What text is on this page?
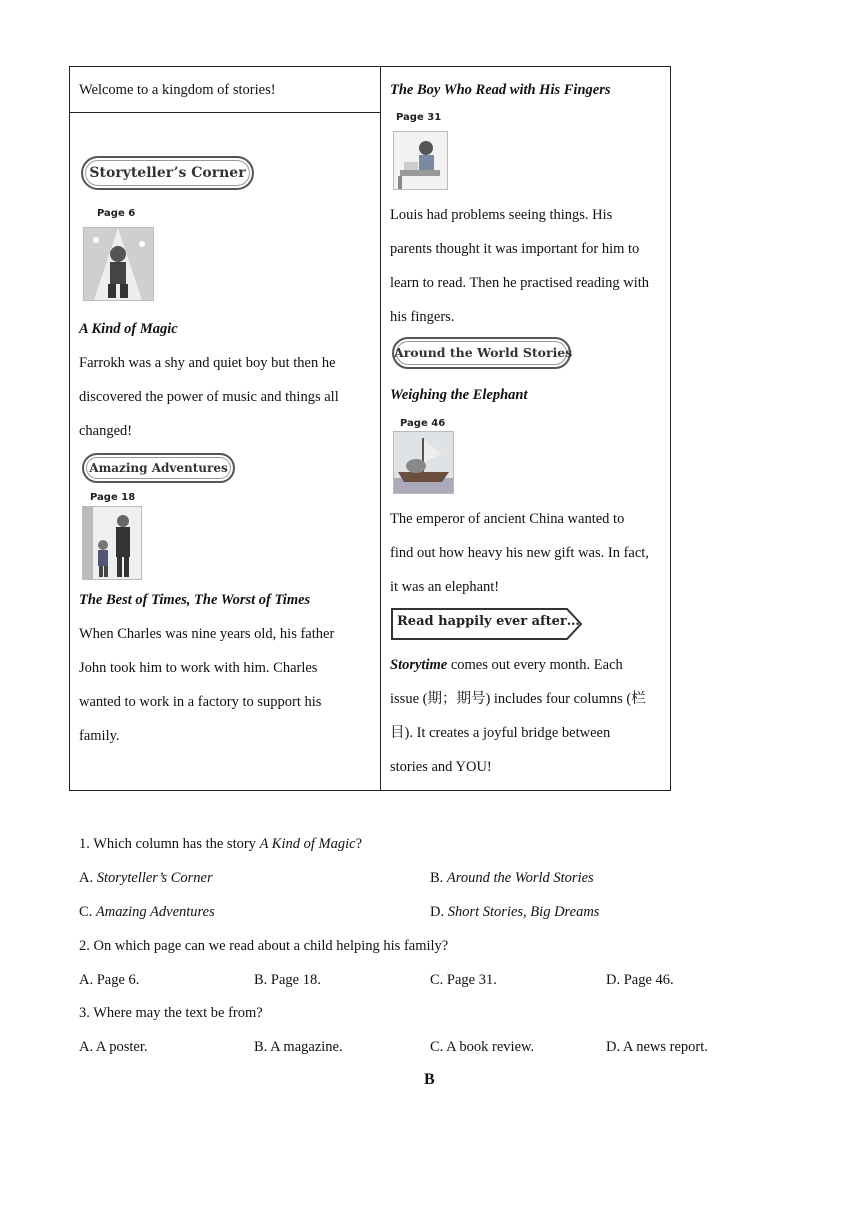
Welcome to a kingdom of stories!
Storyteller’s Corner
Page 6
A Kind of Magic
Farrokh was a shy and quiet boy but then he
discovered the power of music and things all
changed!
Amazing Adventures
Page 18
The Best of Times, The Worst of Times
When Charles was nine years old, his father
John took him to work with him. Charles
wanted to work in a factory to support his
family.
The Boy Who Read with His Fingers
Page 31
Louis had problems seeing things. His
parents thought it was important for him to
learn to read. Then he practised reading with
his fingers.
Around the World Stories
Weighing the Elephant
Page 46
The emperor of ancient China wanted to
find out how heavy his new gift was. In fact,
it was an elephant!
Read happily ever after…
Storytime comes out every month. Each
issue (期；期号) includes four columns (栏
目). It creates a joyful bridge between
stories and YOU!
1. Which column has the story A Kind of Magic?
A. Storyteller’s Corner	B. Around the World Stories
C. Amazing Adventures	D. Short Stories, Big Dreams
2. On which page can we read about a child helping his family?
A. Page 6.	B. Page 18.	C. Page 31.	D. Page 46.
3. Where may the text be from?
A. A poster.	B. A magazine.	C. A book review.	D. A news report.
B
